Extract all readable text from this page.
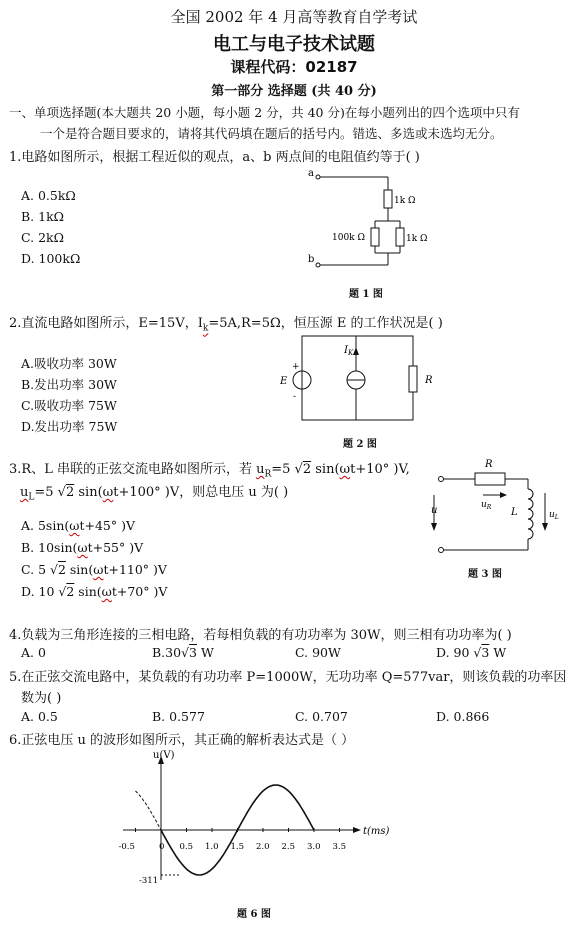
全国 2002 年 4 月高等教育自学考试
电工与电子技术试题
课程代码：02187
第一部分 选择题 (共 40 分)
一、单项选择题(本大题共 20 小题，每小题 2 分，共 40 分)在每小题列出的四个选项中只有
一个是符合题目要求的，请将其代码填在题后的括号内。错选、多选或未选均无分。
1.电路如图所示，根据工程近似的观点，a、b 两点间的电阻值约等于( )
A. 0.5kΩ
B. 1kΩ
C. 2kΩ
D. 100kΩ
a
b
1k Ω
100k Ω	1k Ω
题 1 图
2.直流电路如图所示，E=15V，$I_k=5A,R=5\Omega$，恒压源 E 的工作状况是( )
A.吸收功率 30W
B.发出功率 30W
C.吸收功率 75W
D.发出功率 75W
+
-
E
$I_K$
R
题 2 图
3.R、L 串联的正弦交流电路如图所示，若 $u_R=5$ √2 sin(ωt+10° )V,
$u_L=5$ √2 sin(ωt+100° )V，则总电压 u 为( )
A. 5sin(ωt+45° )V
B. 10sin(ωt+55° )V
C. 5 √2 sin(ωt+110° )V
D. 10 √2 sin(ωt+70° )V
R
u	$u_R$ L	$u_L$
题 3 图
4.负载为三角形连接的三相电路，若每相负载的有功功率为 30W，则三相有功功率为( )
A. 0	B.30√3 W	C. 90W	D. 90 √3 W
5.在正弦交流电路中，某负载的有功功率 P=1000W，无功功率 Q=577var，则该负载的功率因
数为( )
A. 0.5	B. 0.577	C. 0.707	D. 0.866
6.正弦电压 u 的波形如图所示，其正确的解析表达式是（ ）
u(V)
t(ms)
-311
-0.5	0 0.5 1.0 1.5 2.0 2.5 3.0 3.5
题 6 图
